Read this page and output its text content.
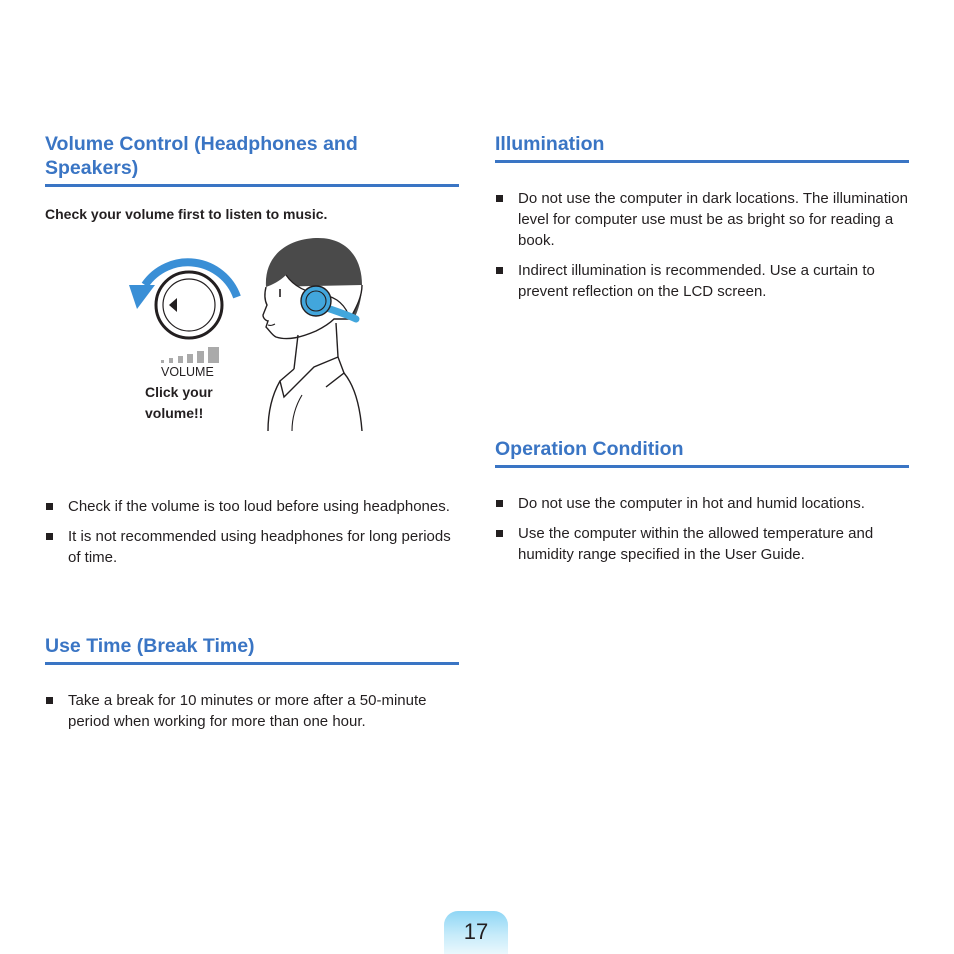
Volume Control (Headphones and
Speakers)
Check your volume first to listen to music.
VOLUME
Click your
volume!!
Check if the volume is too loud before using headphones.
It is not recommended using headphones for long periods of time.
Use Time (Break Time)
Take a break for 10 minutes or more after a 50-minute period when working for more than one hour.
Illumination
Do not use the computer in dark locations. The illumination level for computer use must be as bright so for reading a book.
Indirect illumination is recommended. Use a curtain to prevent reflection on the LCD screen.
Operation Condition
Do not use the computer in hot and humid locations.
Use the computer within the allowed temperature and humidity range specified in the User Guide.
17
